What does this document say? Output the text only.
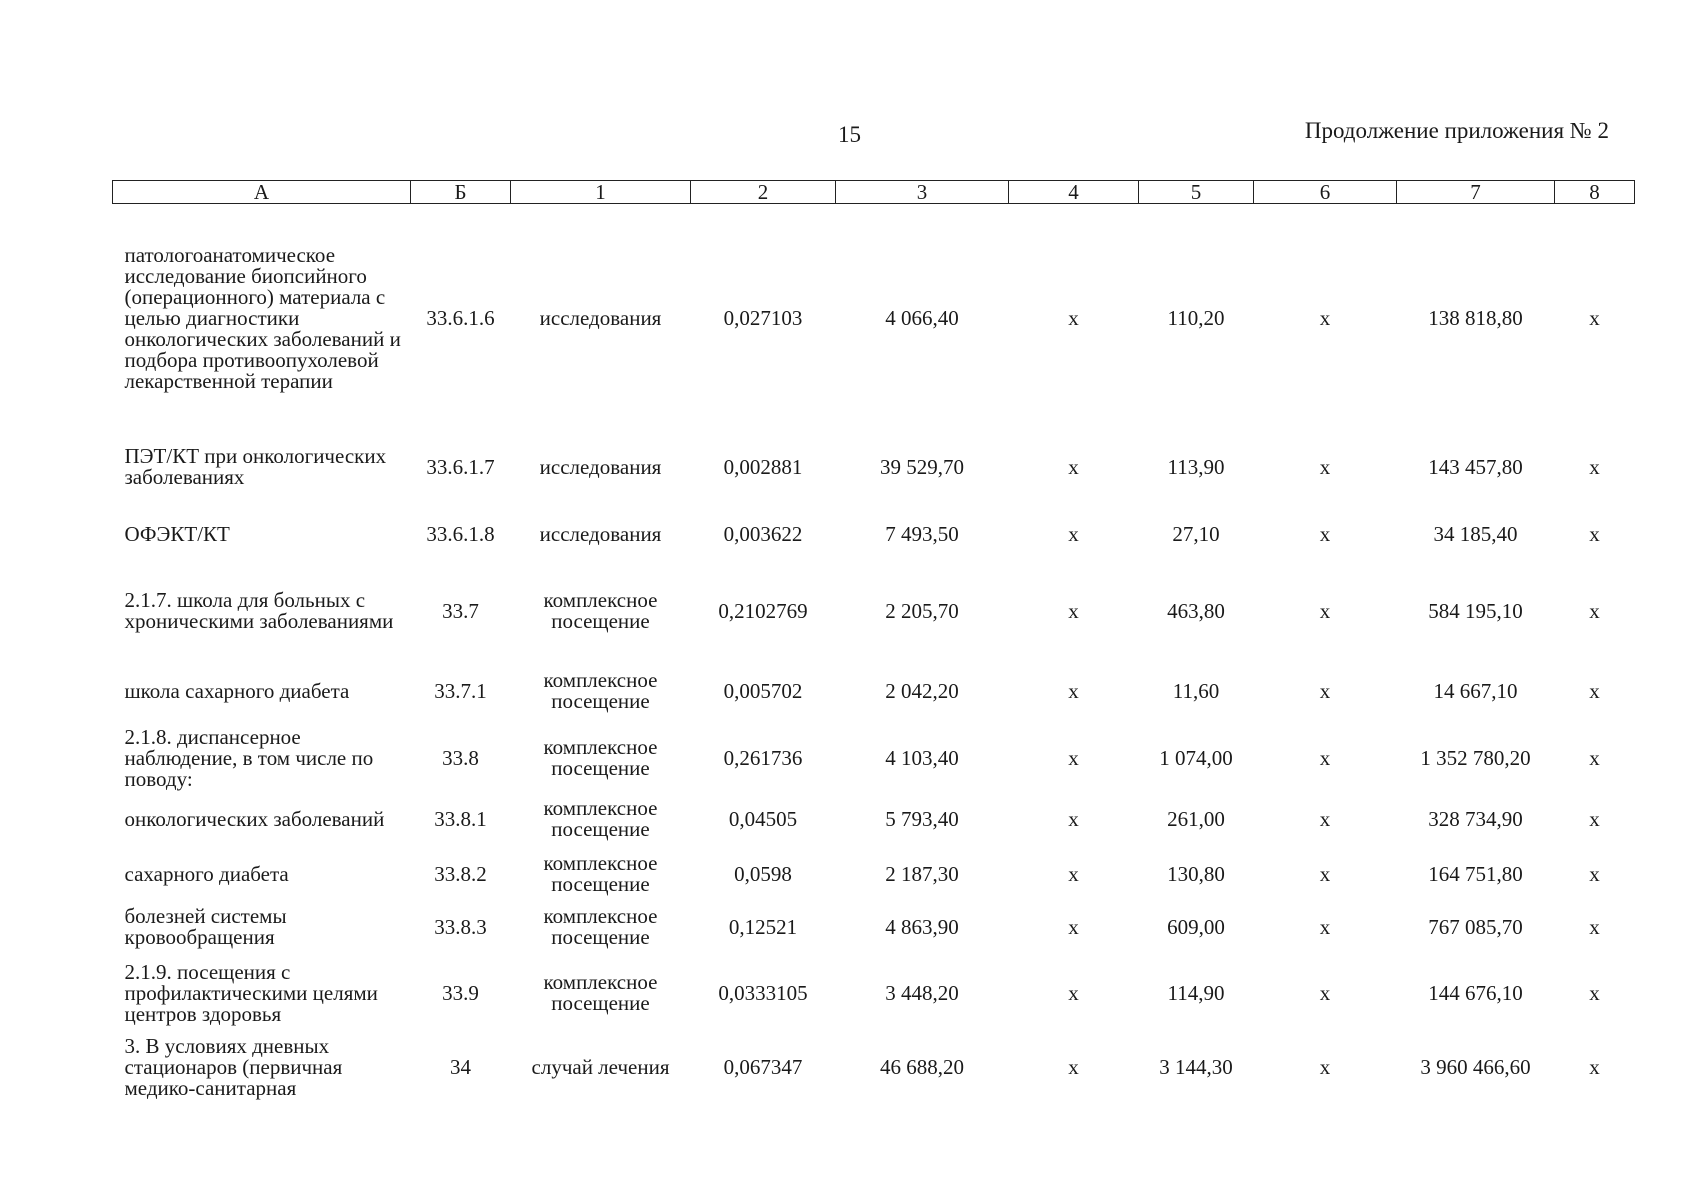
15	Продолжение приложения № 2
А	Б	1	2	3	4	5	6	7	8
патологоанатомическое исследование биопсийного (операционного) материала с целью диагностики онкологических заболеваний и подбора противоопухолевой лекарственной терапии	33.6.1.6	исследования	0,027103	4 066,40	х	110,20	х	138 818,80	х
ПЭТ/КТ при онкологических заболеваниях	33.6.1.7	исследования	0,002881	39 529,70	х	113,90	х	143 457,80	х
ОФЭКТ/КТ	33.6.1.8	исследования	0,003622	7 493,50	х	27,10	х	34 185,40	х
2.1.7. школа для больных с хроническими заболеваниями	33.7	комплексное посещение	0,2102769	2 205,70	х	463,80	х	584 195,10	х
школа сахарного диабета	33.7.1	комплексное посещение	0,005702	2 042,20	х	11,60	х	14 667,10	х
2.1.8. диспансерное наблюдение, в том числе по поводу:	33.8	комплексное посещение	0,261736	4 103,40	х	1 074,00	х	1 352 780,20	х
онкологических заболеваний	33.8.1	комплексное посещение	0,04505	5 793,40	х	261,00	х	328 734,90	х
сахарного диабета	33.8.2	комплексное посещение	0,0598	2 187,30	х	130,80	х	164 751,80	х
болезней системы кровообращения	33.8.3	комплексное посещение	0,12521	4 863,90	х	609,00	х	767 085,70	х
2.1.9. посещения с профилактическими целями центров здоровья	33.9	комплексное посещение	0,0333105	3 448,20	х	114,90	х	144 676,10	х
3. В условиях дневных стационаров (первичная медико-санитарная	34	случай лечения	0,067347	46 688,20	х	3 144,30	х	3 960 466,60	х
